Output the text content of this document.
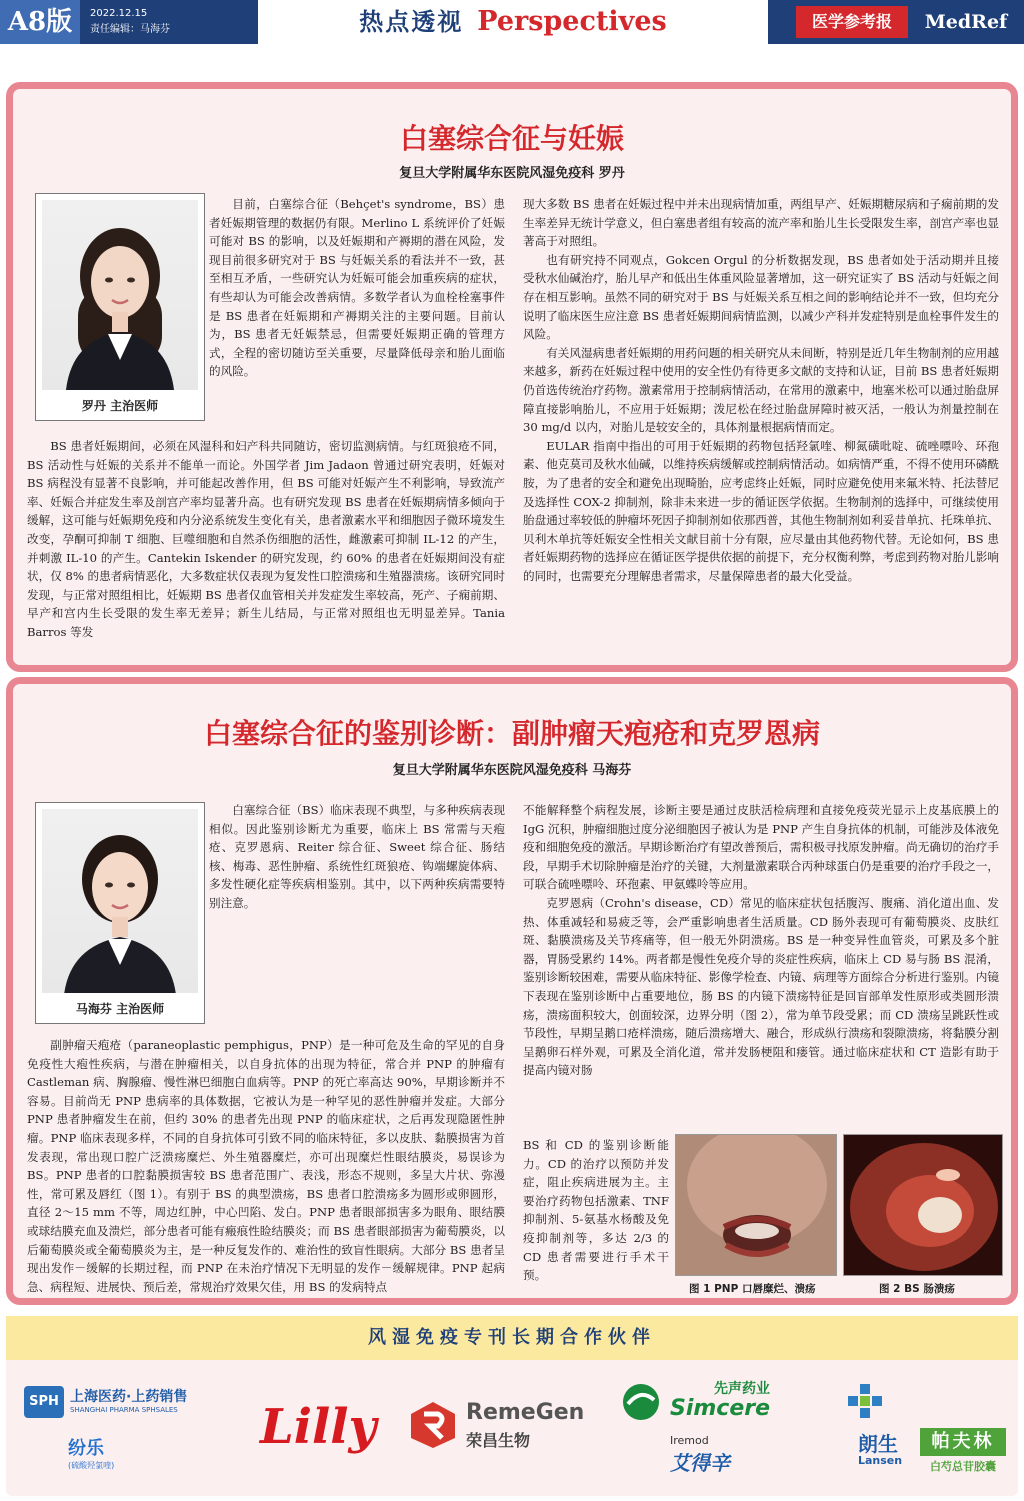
A8版	2022.12.15
责任编辑：马海芬	热点透视 Perspectives	医学参考报	MedRef
白塞综合征与妊娠
复旦大学附属华东医院风湿免疫科 罗丹
罗丹 主治医师

目前，白塞综合征（Behçet's syndrome，BS）患者妊娠期管理的数据仍有限。Merlino L 系统评价了妊娠可能对 BS 的影响，以及妊娠期和产褥期的潜在风险，发现目前很多研究对于 BS 与妊娠关系的看法并不一致，甚至相互矛盾，一些研究认为妊娠可能会加重疾病的症状，有些却认为可能会改善病情。多数学者认为血栓栓塞事件是 BS 患者在妊娠期和产褥期关注的主要问题。目前认为，BS 患者无妊娠禁忌，但需要妊娠期正确的管理方式，全程的密切随访至关重要，尽量降低母亲和胎儿面临的风险。

BS 患者妊娠期间，必须在风湿科和妇产科共同随访，密切监测病情。与红斑狼疮不同，BS 活动性与妊娠的关系并不能单一而论。外国学者 Jim Jadaon 曾通过研究表明，妊娠对 BS 病程没有显著不良影响，并可能起改善作用，但 BS 可能对妊娠产生不利影响，导致流产率、妊娠合并症发生率及剖宫产率均显著升高。也有研究发现 BS 患者在妊娠期病情多倾向于缓解，这可能与妊娠期免疫和内分泌系统发生变化有关，患者激素水平和细胞因子微环境发生改变，孕酮可抑制 T 细胞、巨噬细胞和自然杀伤细胞的活性，雌激素可抑制 IL-12 的产生，并刺激 IL-10 的产生。Cantekin Iskender 的研究发现，约 60% 的患者在妊娠期间没有症状，仅 8% 的患者病情恶化，大多数症状仅表现为复发性口腔溃疡和生殖器溃疡。该研究同时发现，与正常对照组相比，妊娠期 BS 患者仅血管相关并发症发生率较高，死产、子痫前期、早产和宫内生长受限的发生率无差异；新生儿结局，与正常对照组也无明显差异。Tania Barros 等发

现大多数 BS 患者在妊娠过程中并未出现病情加重，两组早产、妊娠期糖尿病和子痫前期的发生率差异无统计学意义，但白塞患者组有较高的流产率和胎儿生长受限发生率，剖宫产率也显著高于对照组。

也有研究持不同观点，Gokcen Orgul 的分析数据发现，BS 患者如处于活动期并且接受秋水仙碱治疗，胎儿早产和低出生体重风险显著增加，这一研究证实了 BS 活动与妊娠之间存在相互影响。虽然不同的研究对于 BS 与妊娠关系互相之间的影响结论并不一致，但均充分说明了临床医生应注意 BS 患者妊娠期间病情监测，以减少产科并发症特别是血栓事件发生的风险。

有关风湿病患者妊娠期的用药问题的相关研究从未间断，特别是近几年生物制剂的应用越来越多，新药在妊娠过程中使用的安全性仍有待更多文献的支持和认证，目前 BS 患者妊娠期仍首选传统治疗药物。激素常用于控制病情活动，在常用的激素中，地塞米松可以通过胎盘屏障直接影响胎儿，不应用于妊娠期；泼尼松在经过胎盘屏障时被灭活，一般认为剂量控制在 30 mg/d 以内，对胎儿是较安全的，具体剂量根据病情而定。

EULAR 指南中指出的可用于妊娠期的药物包括羟氯喹、柳氮磺吡啶、硫唑嘌呤、环孢素、他克莫司及秋水仙碱，以维持疾病缓解或控制病情活动。如病情严重，不得不使用环磷酰胺，为了患者的安全和避免出现畸胎，应考虑终止妊娠，同时应避免使用来氟米特、托法替尼及选择性 COX-2 抑制剂，除非未来进一步的循证医学依据。生物制剂的选择中，可继续使用胎盘通过率较低的肿瘤坏死因子抑制剂如依那西普，其他生物制剂如利妥昔单抗、托珠单抗、贝利木单抗等妊娠安全性相关文献目前十分有限，应尽量由其他药物代替。无论如何，BS 患者妊娠期药物的选择应在循证医学提供依据的前提下，充分权衡利弊，考虑到药物对胎儿影响的同时，也需要充分理解患者需求，尽量保障患者的最大化受益。

白塞综合征的鉴别诊断：副肿瘤天疱疮和克罗恩病
复旦大学附属华东医院风湿免疫科 马海芬
马海芬 主治医师

白塞综合征（BS）临床表现不典型，与多种疾病表现相似。因此鉴别诊断尤为重要，临床上 BS 常需与天疱疮、克罗恩病、Reiter 综合征、Sweet 综合征、肠结核、梅毒、恶性肿瘤、系统性红斑狼疮、钩端螺旋体病、多发性硬化症等疾病相鉴别。其中，以下两种疾病需要特别注意。

副肿瘤天疱疮（paraneoplastic pemphigus，PNP）是一种可危及生命的罕见的自身免疫性大疱性疾病，与潜在肿瘤相关，以自身抗体的出现为特征，常合并 PNP 的肿瘤有 Castleman 病、胸腺瘤、慢性淋巴细胞白血病等。PNP 的死亡率高达 90%，早期诊断并不容易。目前尚无 PNP 患病率的具体数据，它被认为是一种罕见的恶性肿瘤并发症。大部分 PNP 患者肿瘤发生在前，但约 30% 的患者先出现 PNP 的临床症状，之后再发现隐匿性肿瘤。PNP 临床表现多样，不同的自身抗体可引致不同的临床特征，多以皮肤、黏膜损害为首发表现，常出现口腔广泛溃疡糜烂、外生殖器糜烂，亦可出现糜烂性眼结膜炎，易误诊为 BS。PNP 患者的口腔黏膜损害较 BS 患者范围广、表浅，形态不规则，多呈大片状、弥漫性，常可累及唇红（图 1）。有别于 BS 的典型溃疡，BS 患者口腔溃疡多为圆形或卵圆形，直径 2～15 mm 不等，周边红肿，中心凹陷、发白。PNP 患者眼部损害多为眼角、眼结膜或球结膜充血及溃烂，部分患者可能有瘢痕性睑结膜炎；而 BS 患者眼部损害为葡萄膜炎，以后葡萄膜炎或全葡萄膜炎为主，是一种反复发作的、难治性的致盲性眼病。大部分 BS 患者呈现出发作－缓解的长期过程，而 PNP 在未治疗情况下无明显的发作－缓解规律。PNP 起病急、病程短、进展快、预后差，常规治疗效果欠佳，用 BS 的发病特点

不能解释整个病程发展，诊断主要是通过皮肤活检病理和直接免疫荧光显示上皮基底膜上的 IgG 沉积，肿瘤细胞过度分泌细胞因子被认为是 PNP 产生自身抗体的机制，可能涉及体液免疫和细胞免疫的激活。早期诊断治疗有望改善预后，需积极寻找原发肿瘤。尚无确切的治疗手段，早期手术切除肿瘤是治疗的关键，大剂量激素联合丙种球蛋白仍是重要的治疗手段之一，可联合硫唑嘌呤、环孢素、甲氨蝶呤等应用。

克罗恩病（Crohn's disease，CD）常见的临床症状包括腹泻、腹痛、消化道出血、发热、体重减轻和易疲乏等，会严重影响患者生活质量。CD 肠外表现可有葡萄膜炎、皮肤红斑、黏膜溃疡及关节疼痛等，但一般无外阴溃疡。BS 是一种变异性血管炎，可累及多个脏器，胃肠受累约 14%。两者都是慢性免疫介导的炎症性疾病，临床上 CD 易与肠 BS 混淆，鉴别诊断较困难，需要从临床特征、影像学检查、内镜、病理等方面综合分析进行鉴别。内镜下表现在鉴别诊断中占重要地位，肠 BS 的内镜下溃疡特征是回盲部单发性原形或类圆形溃疡，溃疡面积较大，创面较深，边界分明（图 2），常为单节段受累；而 CD 溃疡呈跳跃性或节段性，早期呈鹅口疮样溃疡，随后溃疡增大、融合，形成纵行溃疡和裂隙溃疡，将黏膜分割呈鹅卵石样外观，可累及全消化道，常并发肠梗阻和瘘管。通过临床症状和 CT 造影有助于提高内镜对肠

BS 和 CD 的鉴别诊断能力。CD 的治疗以预防并发症，阻止疾病进展为主。主要治疗药物包括激素、TNF 抑制剂、5-氨基水杨酸及免疫抑制剂等，多达 2/3 的 CD 患者需要进行手术干预。

图 1 PNP 口唇糜烂、溃疡	图 2 BS 肠溃疡
风湿免疫专刊长期合作伙伴
SPH 上海医药·上药销售
SHANGHAI PHARMA SPHSALES
纷乐
(硫酸羟氯喹)
Lilly	RemeGen
荣昌生物
先声药业
Simcere
Iremod
艾得辛
朗生
Lansen
帕夫林
白芍总苷胶囊
